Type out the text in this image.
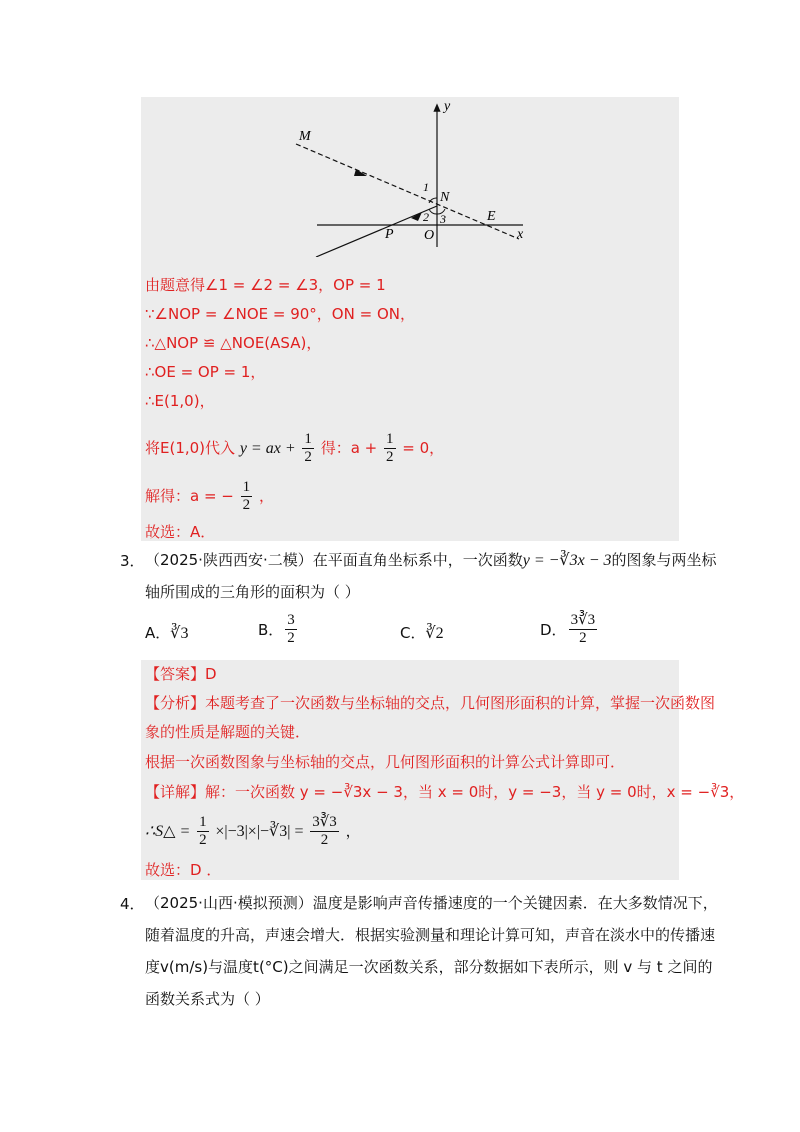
y
M
N
1
2 3	E
P O	x
由题意得∠1 = ∠2 = ∠3，OP = 1
∵∠NOP = ∠NOE = 90°，ON = ON，
∴△NOP ≌ △NOE(ASA)，
∴OE = OP = 1，
∴E(1,0)，
将E(1,0)代入 y = ax + $\frac{1}{2}$ 得：$a + \frac{1}{2} = 0$，
解得：a = − $\frac{1}{2}$ ，
故选：A．
3． （2025·陕西西安·二模）在平面直角坐标系中，一次函数y = −∛3x − 3的图象与两坐标
轴所围成的三角形的面积为（ ）
A．∛3	B． $\frac{3}{2}$	C．∛2	D． $\frac{3∛3}{2}$
【答案】D
【分析】本题考查了一次函数与坐标轴的交点，几何图形面积的计算，掌握一次函数图
象的性质是解题的关键．
根据一次函数图象与坐标轴的交点，几何图形面积的计算公式计算即可．
【详解】解：一次函数 y = −∛3x − 3，当 x = 0时，y = −3，当 y = 0时，x = −∛3，
∴S△ = $\frac{1}{2}$ ×|−3|×|−∛3| = $\frac{3∛3}{2}$ ，
故选：D ．
4． （2025·山西·模拟预测）温度是影响声音传播速度的一个关键因素．在大多数情况下，
随着温度的升高，声速会增大．根据实验测量和理论计算可知，声音在淡水中的传播速
度v(m/s)与温度t(°C)之间满足一次函数关系，部分数据如下表所示，则 v 与 t 之间的
函数关系式为（ ）
